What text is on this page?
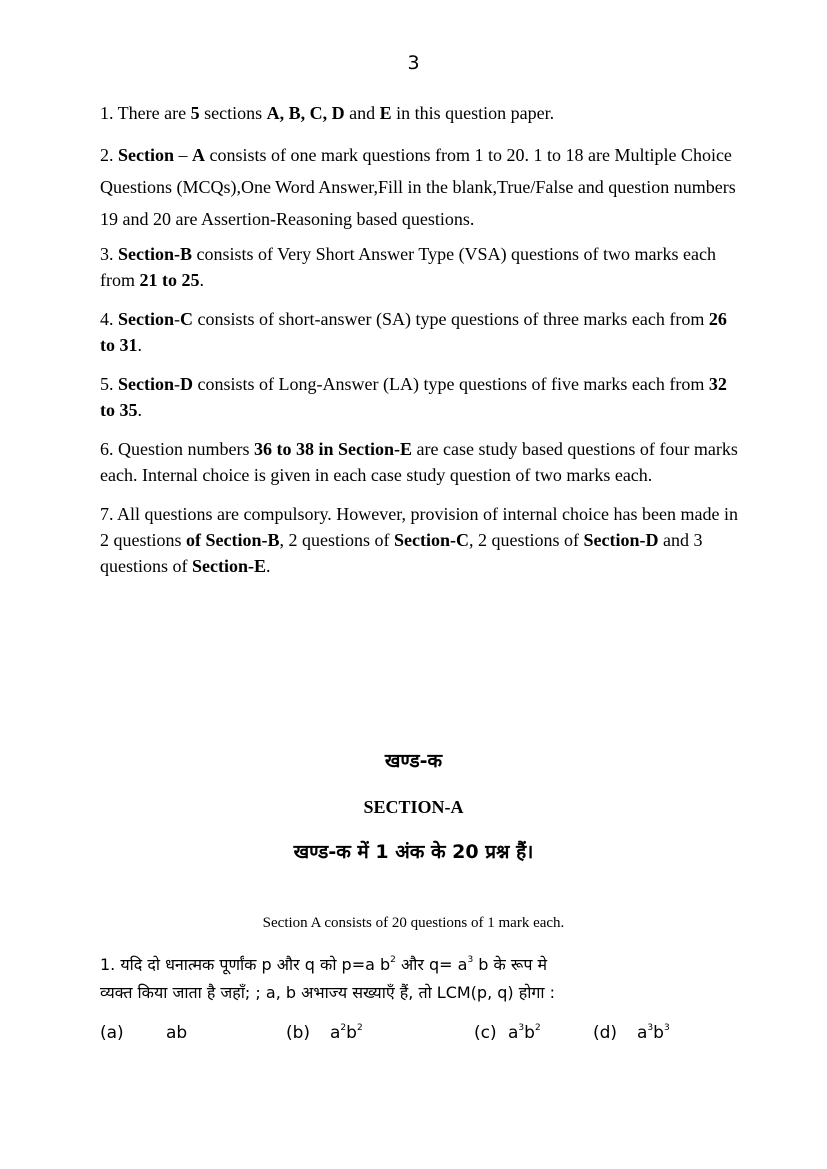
3

1. There are 5 sections A, B, C, D and E in this question paper.

2. Section – A consists of one mark questions from 1 to 20. 1 to 18 are Multiple Choice Questions (MCQs),One Word Answer,Fill in the blank,True/False and question numbers 19 and 20 are Assertion-Reasoning based questions.

3. Section-B consists of Very Short Answer Type (VSA) questions of two marks each from 21 to 25.

4. Section-C consists of short-answer (SA) type questions of three marks each from 26 to 31.

5. Section-D consists of Long-Answer (LA) type questions of five marks each from 32 to 35.

6. Question numbers 36 to 38 in Section-E are case study based questions of four marks each. Internal choice is given in each case study question of two marks each.

7. All questions are compulsory. However, provision of internal choice has been made in 2 questions of Section-B, 2 questions of Section-C, 2 questions of Section-D and 3 questions of Section-E.

खण्ड-क
SECTION-A
खण्ड-क में 1 अंक के 20 प्रश्न हैं।
Section A consists of 20 questions of 1 mark each.
1. यदि दो धनात्मक पूर्णांक p और q को p=a $b^2$ और $q= a^3$ b के रूप मे
व्यक्त किया जाता है जहाँ; ; a, b अभाज्य सख्याएँ हैं, तो LCM(p, q) होगा :
(a) ab	(b) $a^2b^2$	(c) $a^3b^2$	(d) $a^3b^3$
